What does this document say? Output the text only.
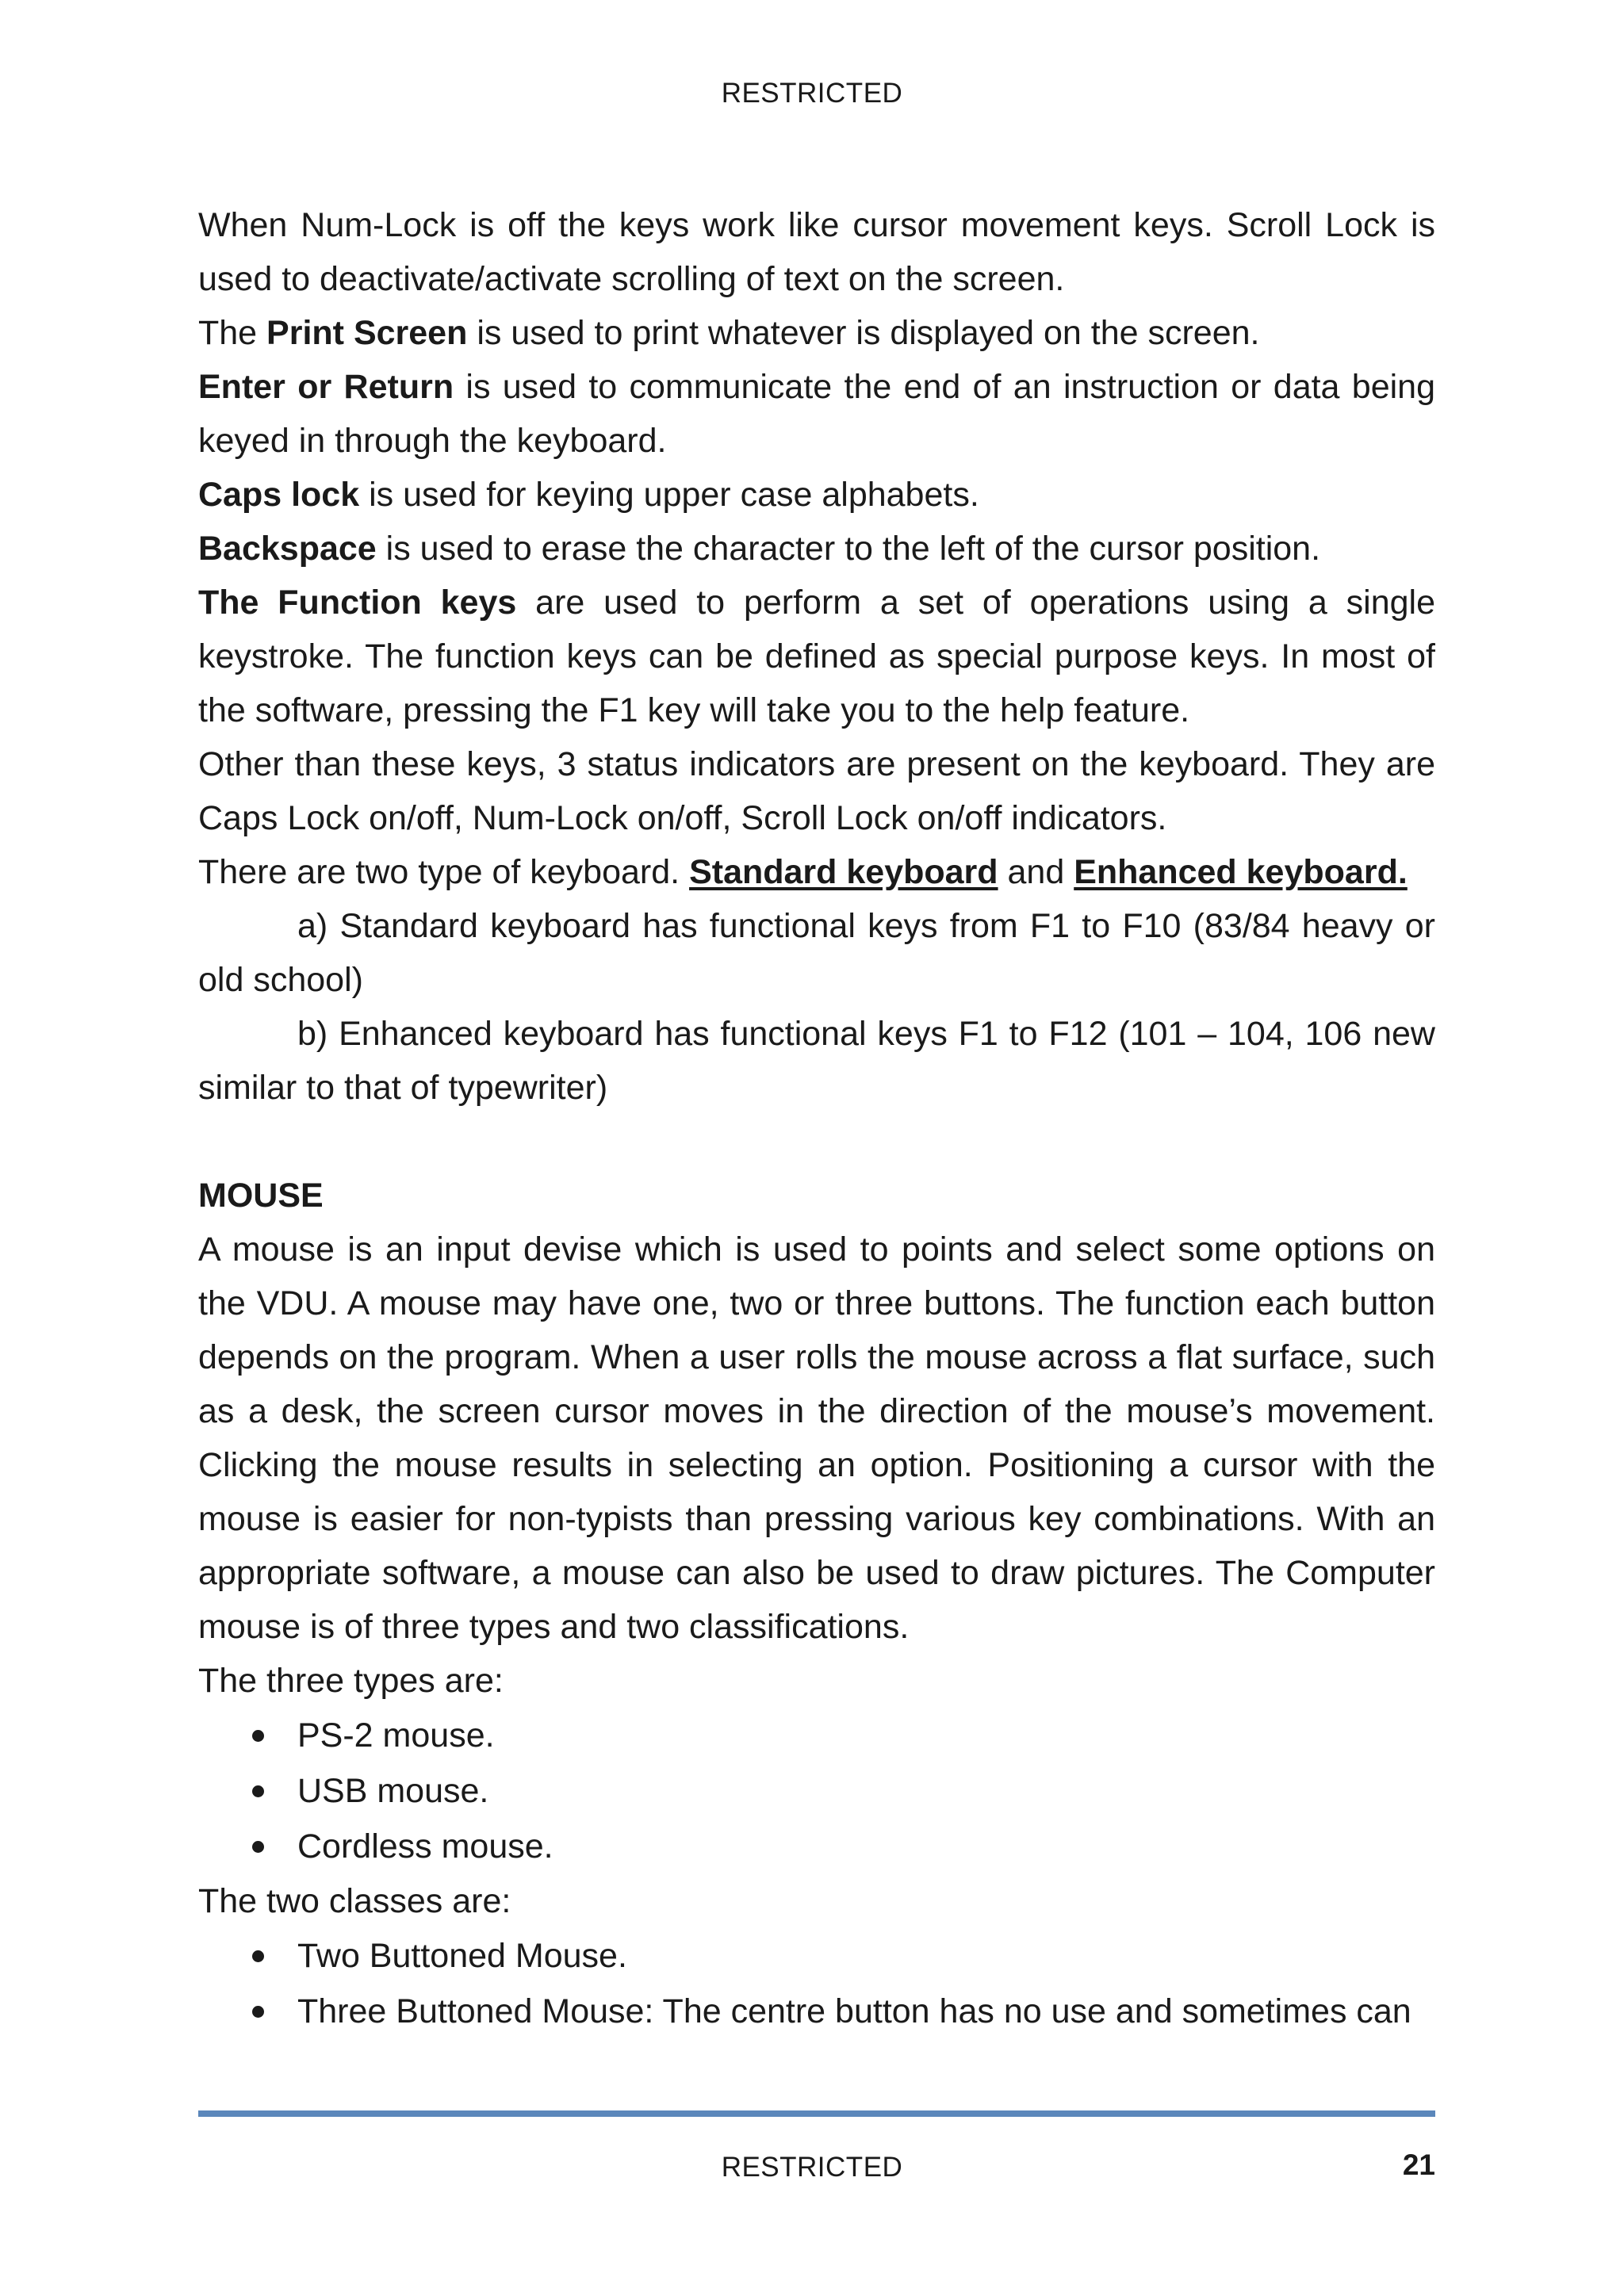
RESTRICTED

When Num-Lock is off the keys work like cursor movement keys. Scroll Lock is used to deactivate/activate scrolling of text on the screen.

The Print Screen is used to print whatever is displayed on the screen.

Enter or Return is used to communicate the end of an instruction or data being keyed in through the keyboard.

Caps lock is used for keying upper case alphabets.

Backspace is used to erase the character to the left of the cursor position.

The Function keys are used to perform a set of operations using a single keystroke. The function keys can be defined as special purpose keys. In most of the software, pressing the F1 key will take you to the help feature.

Other than these keys, 3 status indicators are present on the keyboard. They are Caps Lock on/off, Num-Lock on/off, Scroll Lock on/off indicators.

There are two type of keyboard. Standard keyboard and Enhanced keyboard.

a) Standard keyboard has functional keys from F1 to F10 (83/84 heavy or old school)

b) Enhanced keyboard has functional keys F1 to F12 (101 – 104, 106 new similar to that of typewriter)

MOUSE

A mouse is an input devise which is used to points and select some options on the VDU. A mouse may have one, two or three buttons. The function each button depends on the program. When a user rolls the mouse across a flat surface, such as a desk, the screen cursor moves in the direction of the mouse’s movement. Clicking the mouse results in selecting an option. Positioning a cursor with the mouse is easier for non-typists than pressing various key combinations. With an appropriate software, a mouse can also be used to draw pictures. The Computer mouse is of three types and two classifications.

The three types are:

PS-2 mouse.
USB mouse.
Cordless mouse.

The two classes are:

Two Buttoned Mouse.
Three Buttoned Mouse: The centre button has no use and sometimes can
RESTRICTED	21
